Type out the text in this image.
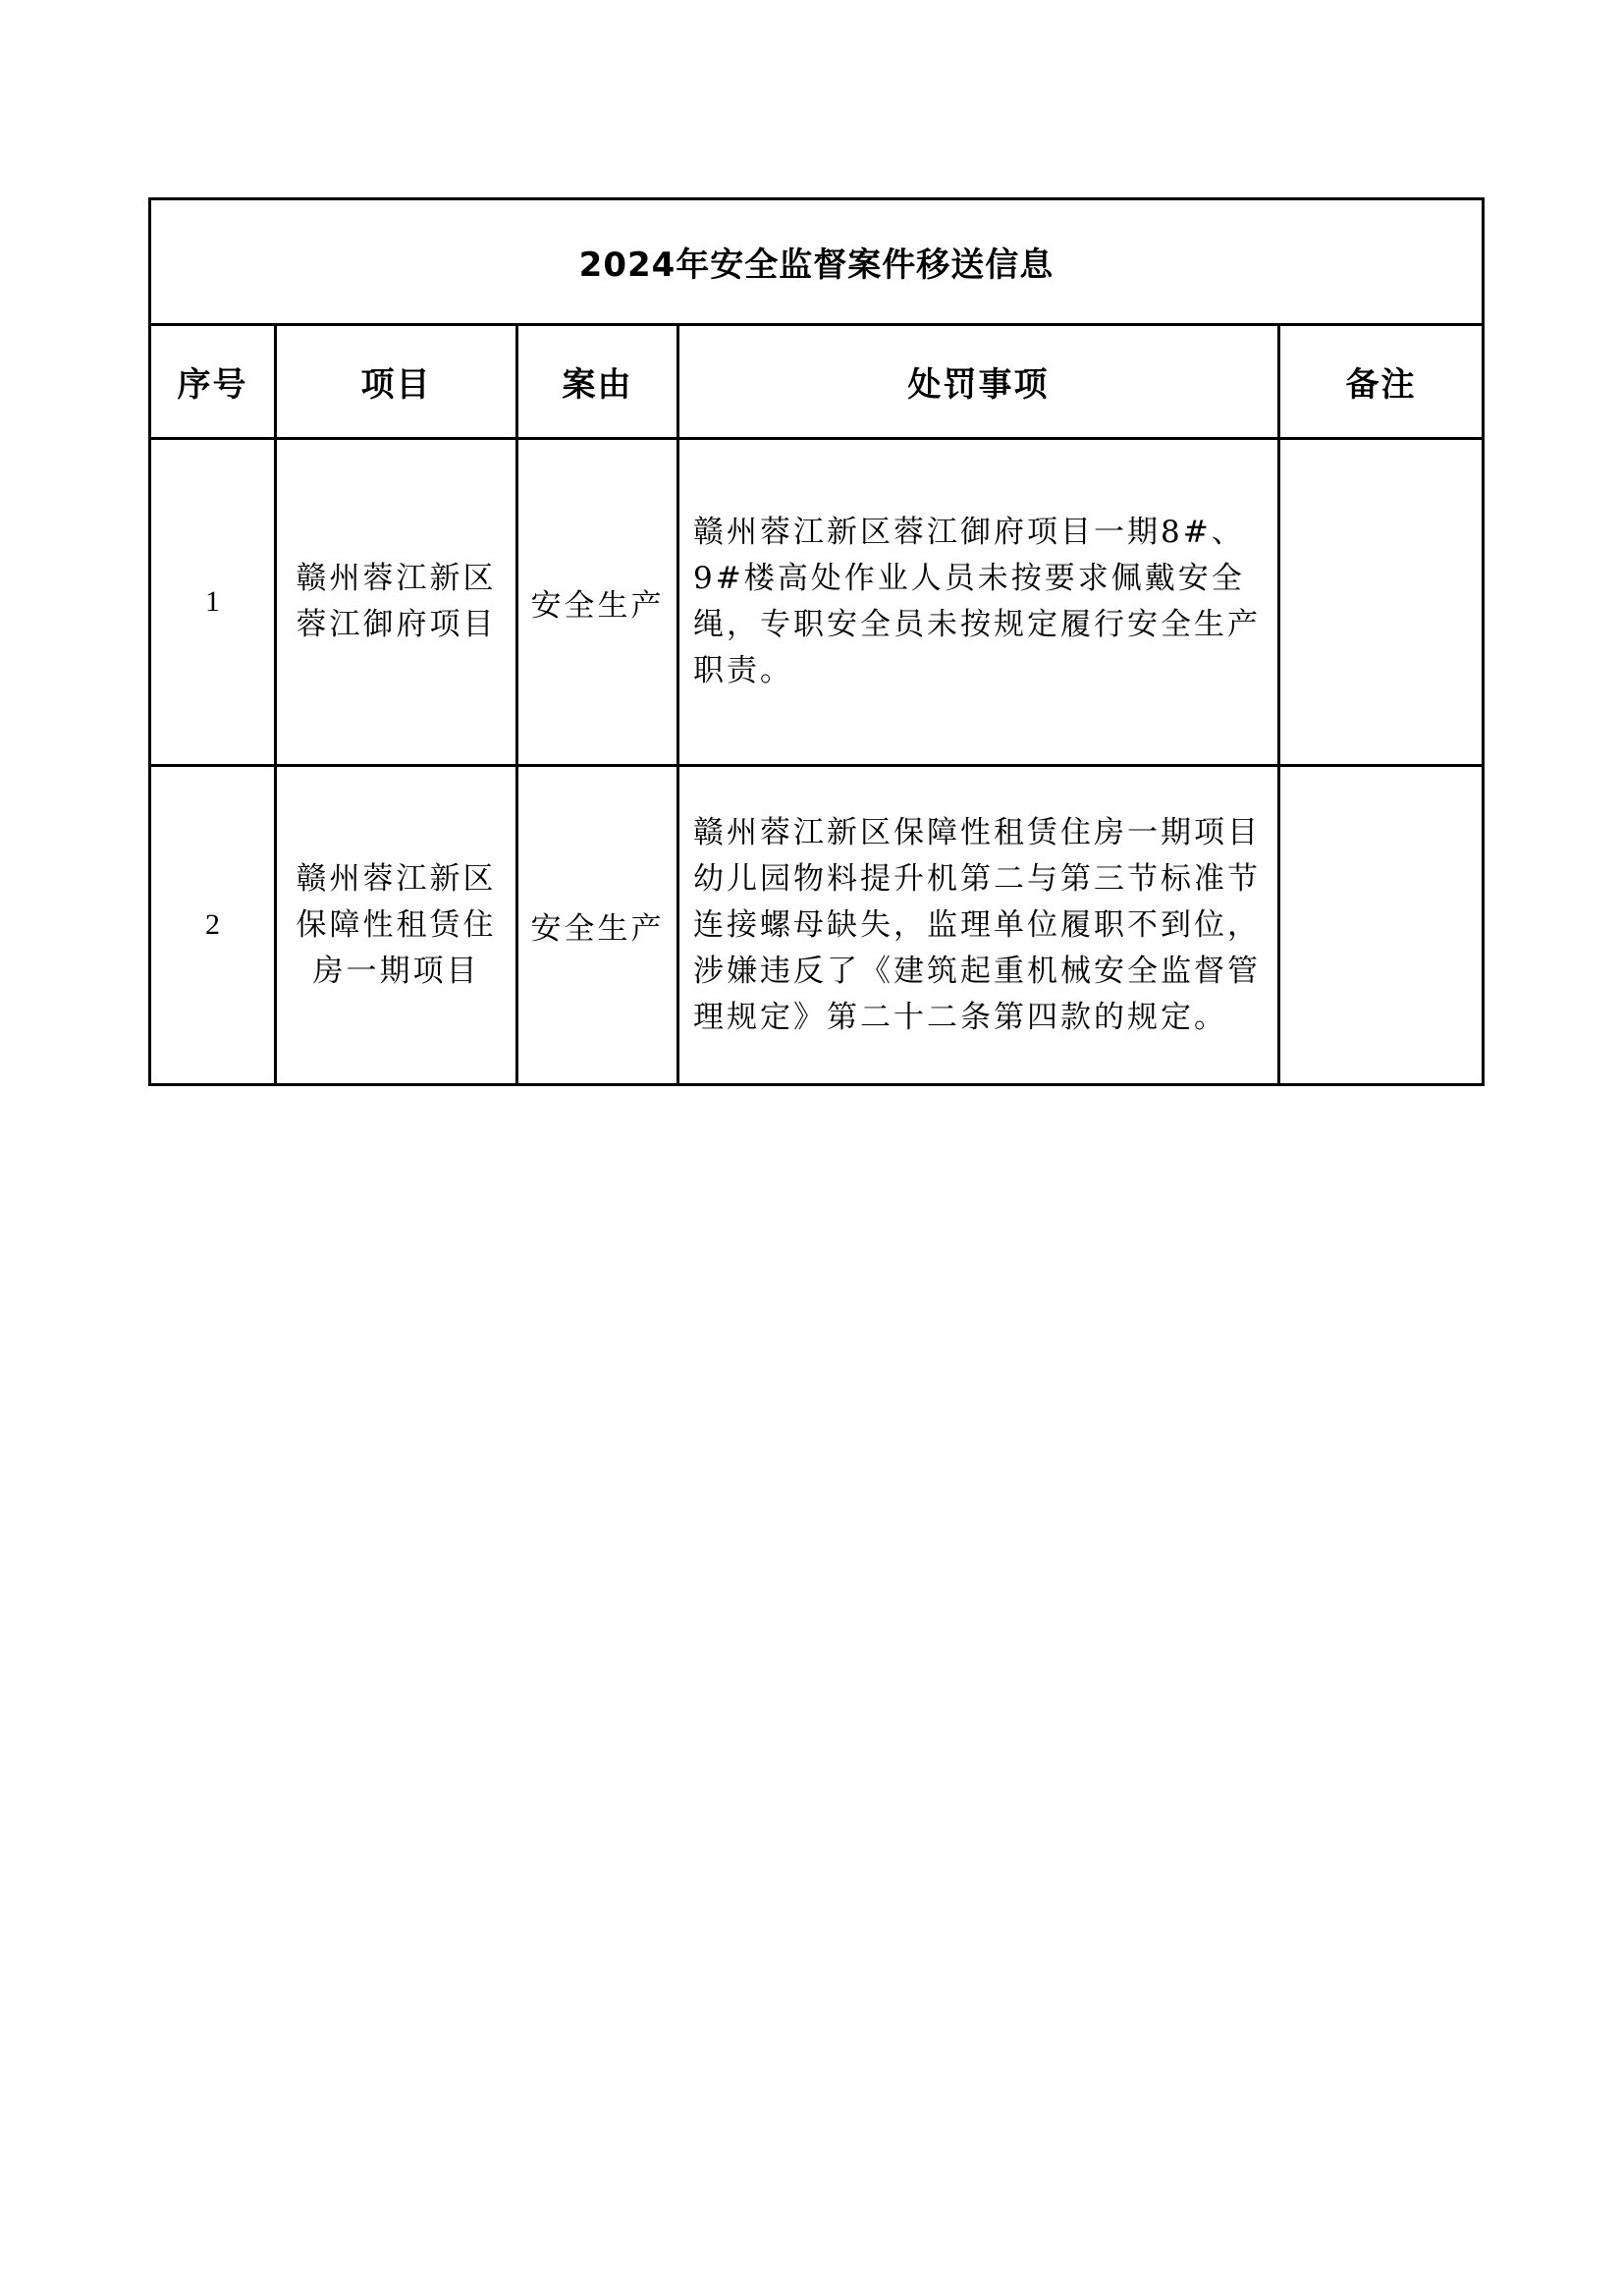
2024年安全监督案件移送信息				
序号	项目	案由	处罚事项	备注
1	赣州蓉江新区蓉江御府项目	安全生产	赣州蓉江新区蓉江御府项目一期8#、9#楼高处作业人员未按要求佩戴安全绳，专职安全员未按规定履行安全生产职责。	
2	赣州蓉江新区保障性租赁住房一期项目	安全生产	赣州蓉江新区保障性租赁住房一期项目幼儿园物料提升机第二与第三节标准节 连接螺母缺失，监理单位履职不到位，涉嫌违反了《建筑起重机械安全监督管理规定》第二十二条第四款的规定。	
